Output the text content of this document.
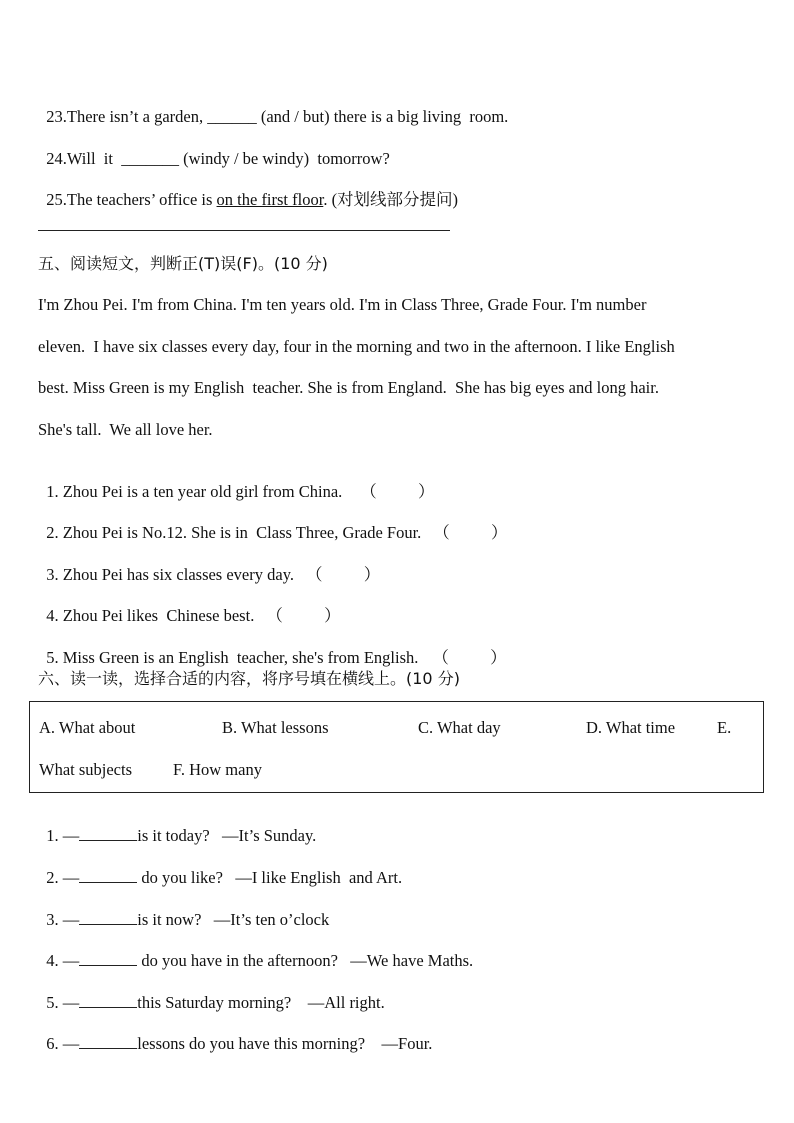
23.There isn’t a garden, ______ (and / but) there is a big living  room.

24.Will  it  _______ (windy / be windy)  tomorrow?

25.The teachers’ office is on the first floor. (对划线部分提问)

五、阅读短文，判断正(T)误(F)。(10 分)
I'm Zhou Pei. I'm from China. I'm ten years old. I'm in Class Three, Grade Four. I'm number
eleven.  I have six classes every day, four in the morning and two in the afternoon. I like English
best. Miss Green is my English  teacher. She is from England.  She has big eyes and long hair.
She's tall.  We all love her.

1. Zhou Pei is a ten year old girl from China. （          ）

2. Zhou Pei is No.12. She is in  Class Three, Grade Four. （          ）

3. Zhou Pei has six classes every day. （          ）

4. Zhou Pei likes  Chinese best. （          ）

5. Miss Green is an English  teacher, she's from English. （          ）

六、读一读，选择合适的内容，将序号填在横线上。(10 分)
A. What about	B. What lessons	C. What day	D. What time	E.
What subjects F. How many

1. —	is it today?   —It’s Sunday.

2. —	do you like?   —I like English  and Art.

3. —	is it now?   —It’s ten o’clock

4. —	do you have in the afternoon?   —We have Maths.

5. —	this Saturday morning?    —All right.

6. —	lessons do you have this morning?    —Four.
